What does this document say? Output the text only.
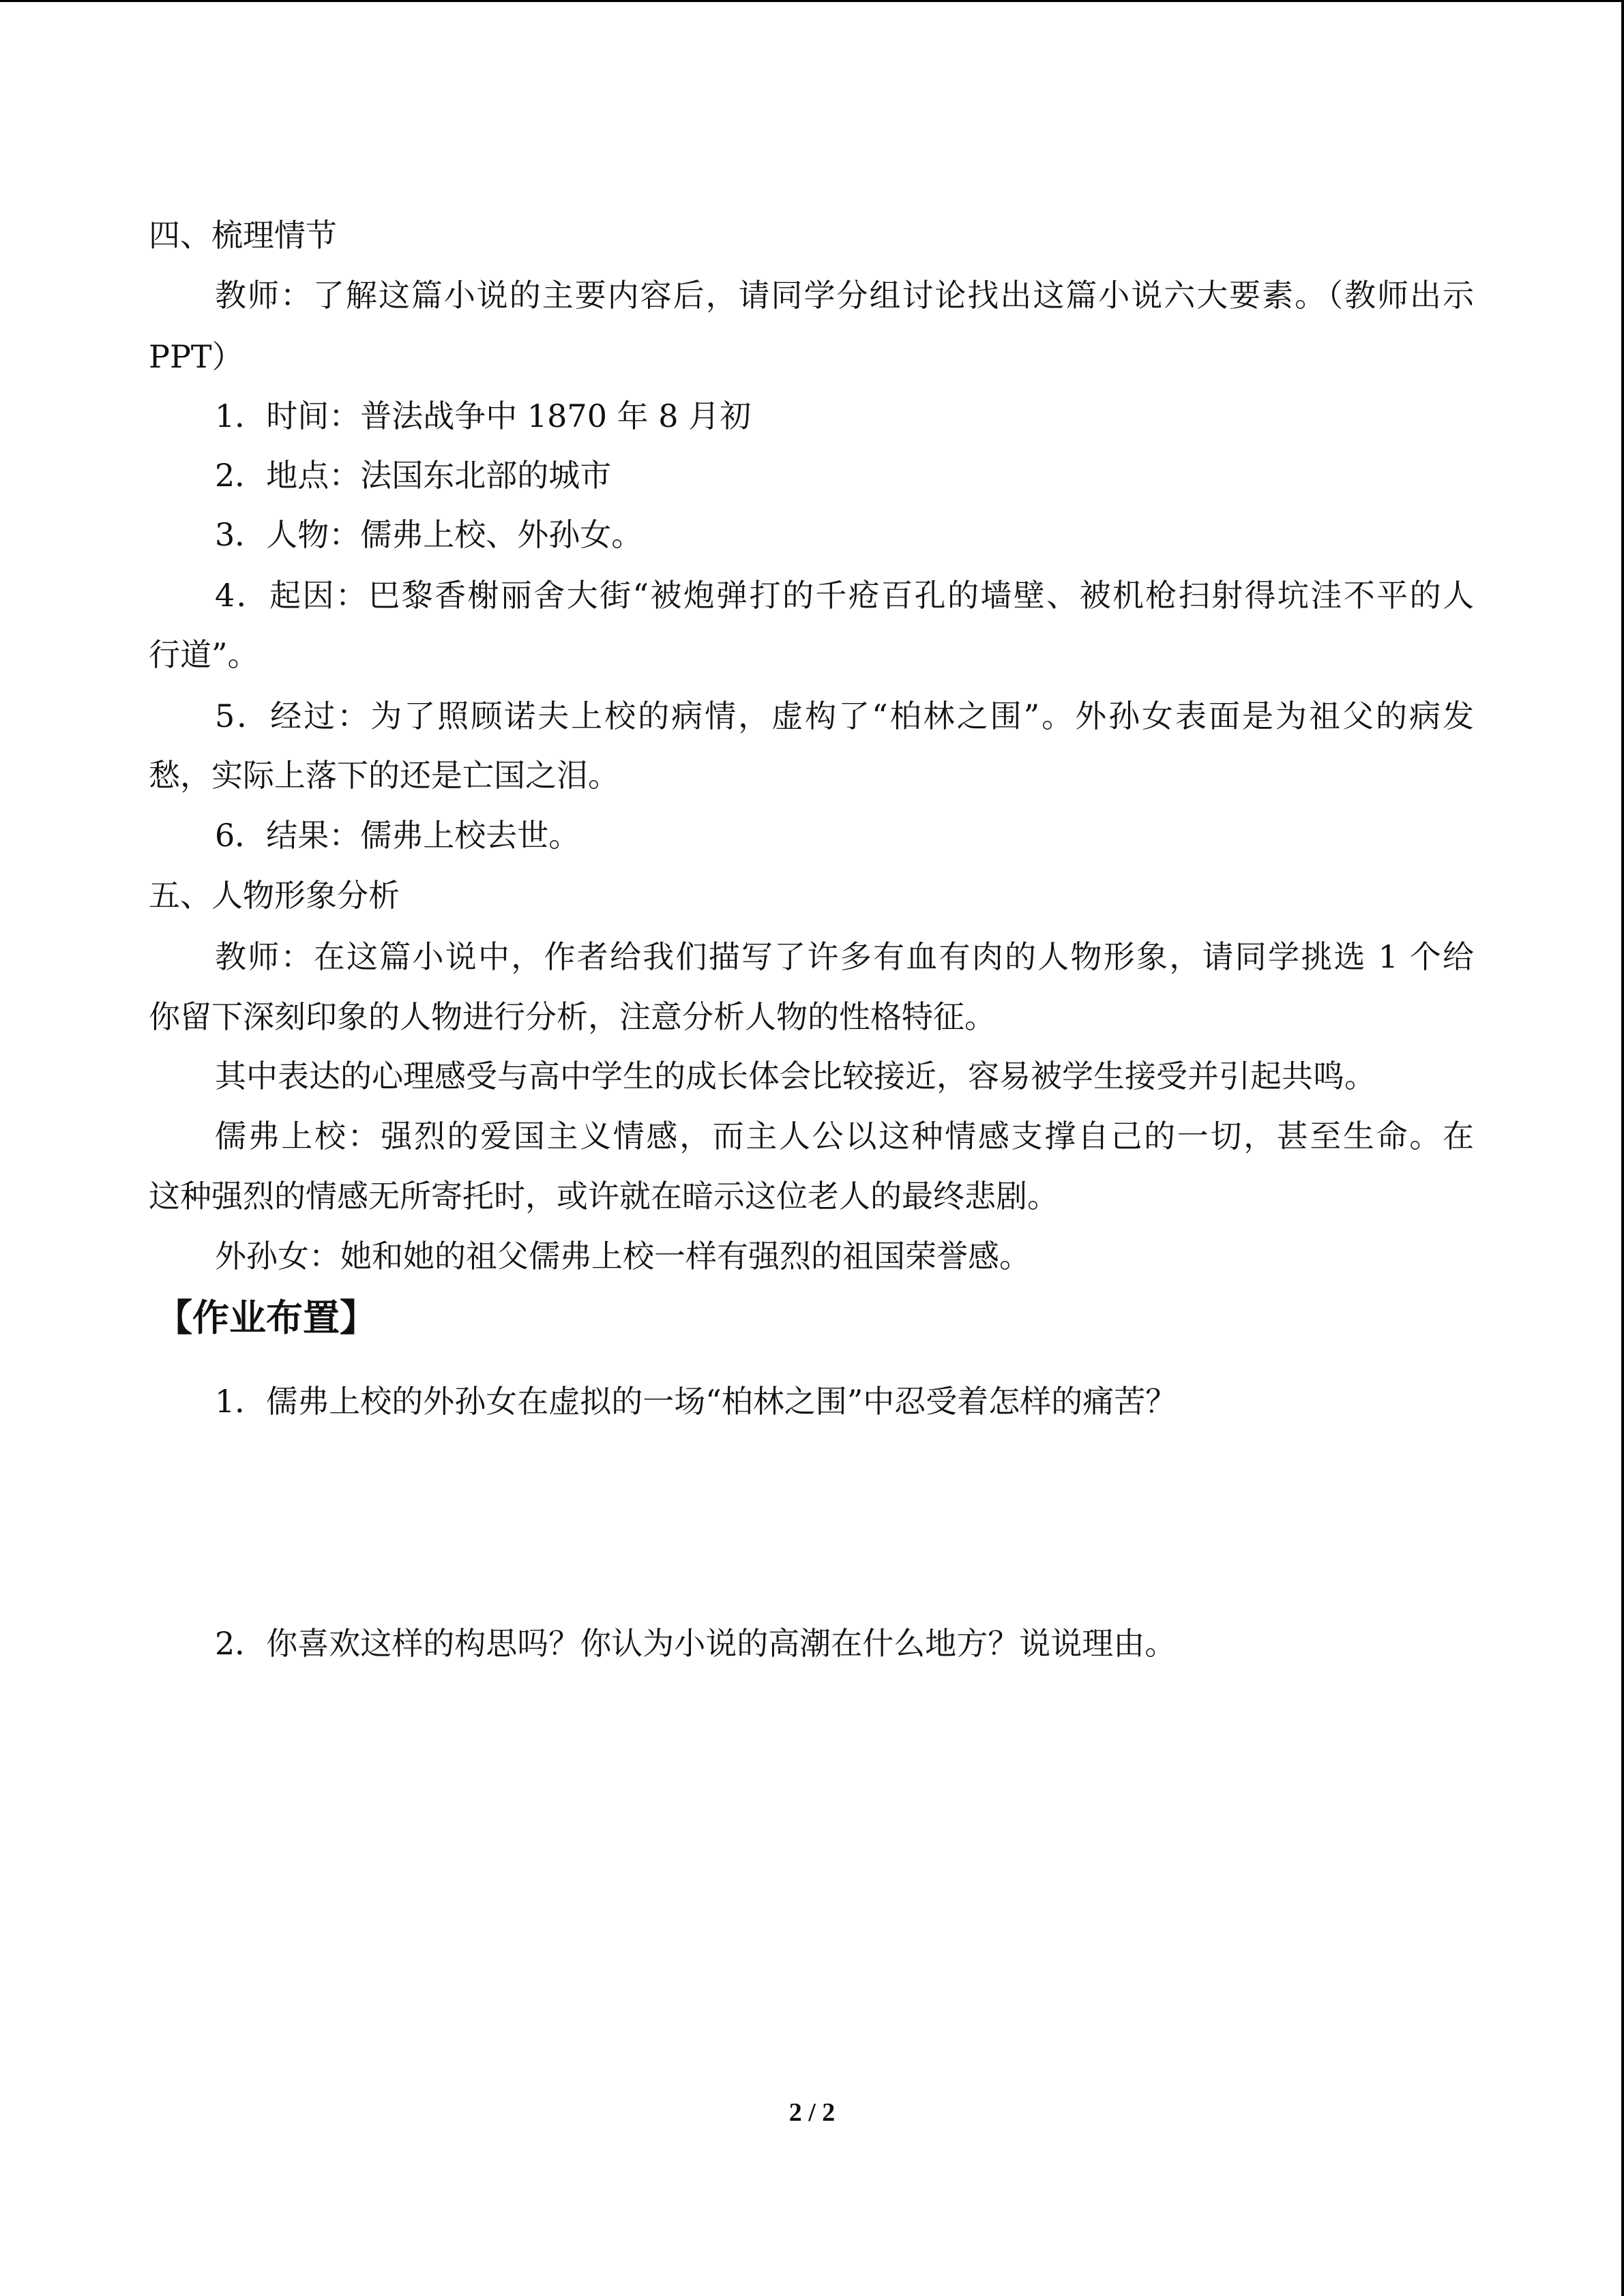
四、梳理情节
教师：了解这篇小说的主要内容后，请同学分组讨论找出这篇小说六大要素。（教师出示
PPT）
1．时间：普法战争中 1870 年 8 月初
2．地点：法国东北部的城市
3．人物：儒弗上校、外孙女。
4．起因：巴黎香榭丽舍大街“被炮弹打的千疮百孔的墙壁、被机枪扫射得坑洼不平的人
行道”。
5．经过：为了照顾诺夫上校的病情，虚构了“柏林之围”。外孙女表面是为祖父的病发
愁，实际上落下的还是亡国之泪。
6．结果：儒弗上校去世。
五、人物形象分析
教师：在这篇小说中，作者给我们描写了许多有血有肉的人物形象，请同学挑选 1 个给
你留下深刻印象的人物进行分析，注意分析人物的性格特征。
其中表达的心理感受与高中学生的成长体会比较接近，容易被学生接受并引起共鸣。
儒弗上校：强烈的爱国主义情感，而主人公以这种情感支撑自己的一切，甚至生命。在
这种强烈的情感无所寄托时，或许就在暗示这位老人的最终悲剧。
外孙女：她和她的祖父儒弗上校一样有强烈的祖国荣誉感。
【作业布置】
1．儒弗上校的外孙女在虚拟的一场“柏林之围”中忍受着怎样的痛苦？
2．你喜欢这样的构思吗？你认为小说的高潮在什么地方？说说理由。
2 / 2
